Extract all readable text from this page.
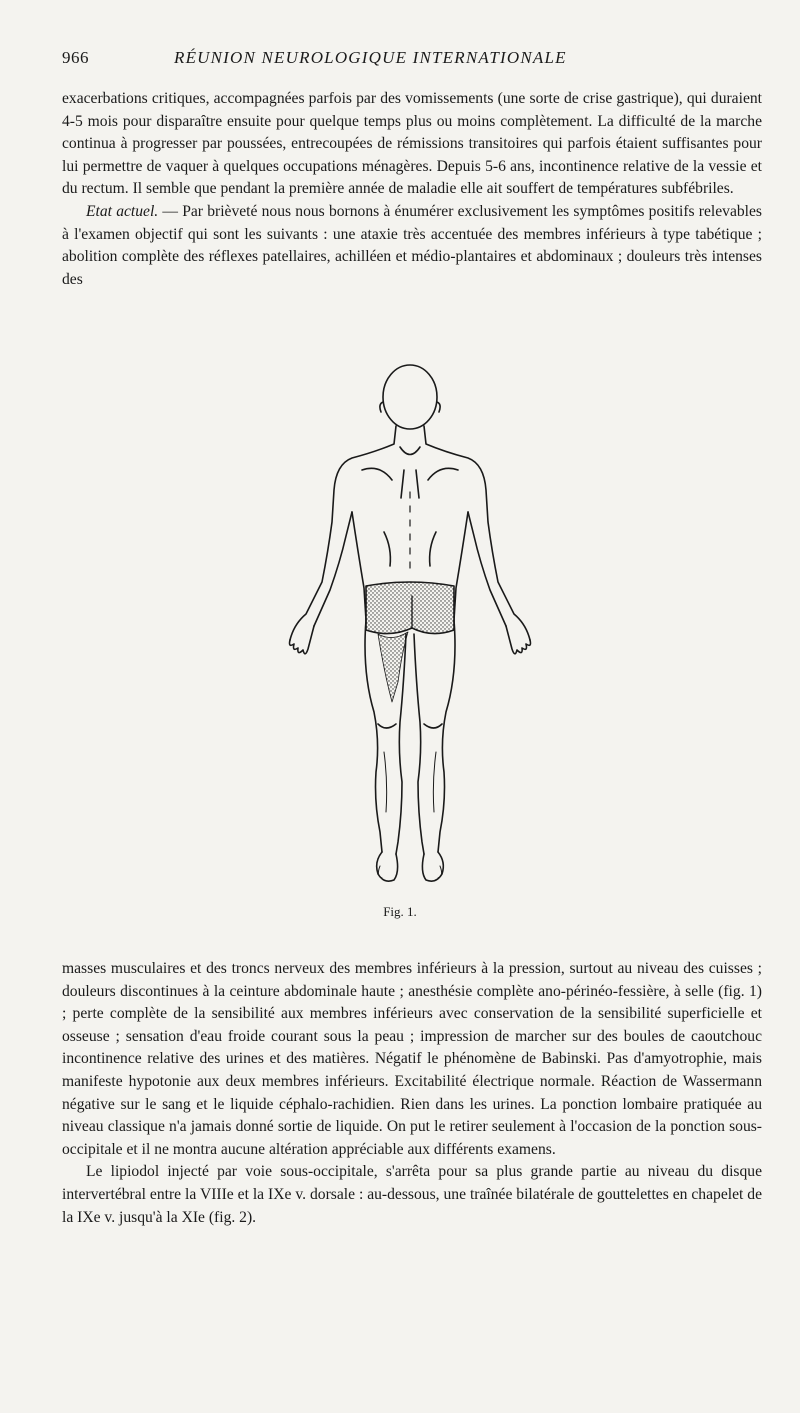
966	RÉUNION NEUROLOGIQUE INTERNATIONALE

exacerbations critiques, accompagnées parfois par des vomissements (une sorte de crise gastrique), qui duraient 4-5 mois pour disparaître ensuite pour quelque temps plus ou moins complètement. La difficulté de la marche continua à progresser par poussées, entrecoupées de rémissions transitoires qui parfois étaient suffisantes pour lui permettre de vaquer à quelques occupations ménagères. Depuis 5-6 ans, incontinence relative de la vessie et du rectum. Il semble que pendant la première année de maladie elle ait souffert de températures subfébriles.

Etat actuel. — Par brièveté nous nous bornons à énumérer exclusivement les symptômes positifs relevables à l'examen objectif qui sont les suivants : une ataxie très accentuée des membres inférieurs à type tabétique ; abolition complète des réflexes patellaires, achilléen et médio-plantaires et abdominaux ; douleurs très intenses des

Fig. 1.

masses musculaires et des troncs nerveux des membres inférieurs à la pression, surtout au niveau des cuisses ; douleurs discontinues à la ceinture abdominale haute ; anesthésie complète ano-périnéo-fessière, à selle (fig. 1) ; perte complète de la sensibilité aux membres inférieurs avec conservation de la sensibilité superficielle et osseuse ; sensation d'eau froide courant sous la peau ; impression de marcher sur des boules de caoutchouc incontinence relative des urines et des matières. Négatif le phénomène de Babinski. Pas d'amyotrophie, mais manifeste hypotonie aux deux membres inférieurs. Excitabilité électrique normale. Réaction de Wassermann négative sur le sang et le liquide céphalo-rachidien. Rien dans les urines. La ponction lombaire pratiquée au niveau classique n'a jamais donné sortie de liquide. On put le retirer seulement à l'occasion de la ponction sous-occipitale et il ne montra aucune altération appréciable aux différents examens.

Le lipiodol injecté par voie sous-occipitale, s'arrêta pour sa plus grande partie au niveau du disque intervertébral entre la VIIIe et la IXe v. dorsale : au-dessous, une traînée bilatérale de gouttelettes en chapelet de la IXe v. jusqu'à la XIe (fig. 2).
